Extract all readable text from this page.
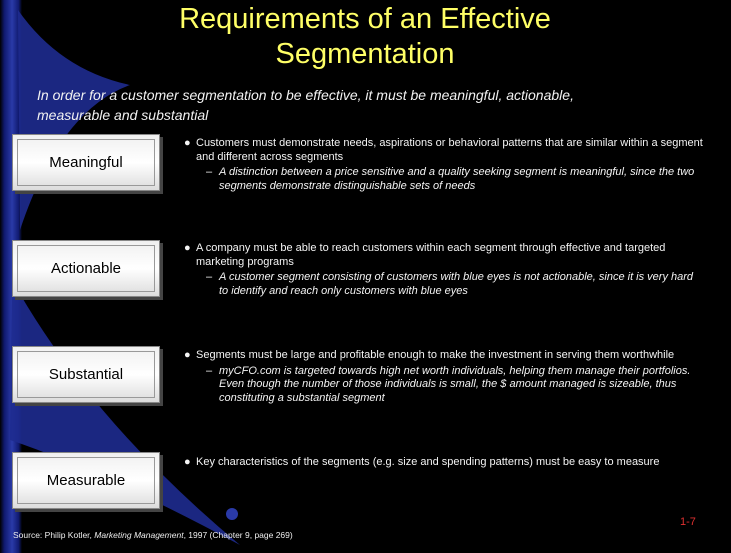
Requirements of an Effective
Segmentation
In order for a customer segmentation to be effective, it must be meaningful, actionable,
measurable and substantial
Meaningful
● Customers must demonstrate needs, aspirations or behavioral patterns that are similar within a segment and different across segments
– A distinction between a price sensitive and a quality seeking segment is meaningful, since the two segments demonstrate distinguishable sets of needs
Actionable
● A company must be able to reach customers within each segment through effective and targeted marketing programs
– A customer segment consisting of customers with blue eyes is not actionable, since it is very hard to identify and reach only customers with blue eyes
Substantial
● Segments must be large and profitable enough to make the investment in serving them worthwhile
– myCFO.com is targeted towards high net worth individuals, helping them manage their portfolios. Even though the number of those individuals is small, the $ amount managed is sizeable, thus constituting a substantial segment
Measurable
● Key characteristics of the segments (e.g. size and spending patterns) must be easy to measure
1-7
Source: Philip Kotler, Marketing Management, 1997 (Chapter 9, page 269)
